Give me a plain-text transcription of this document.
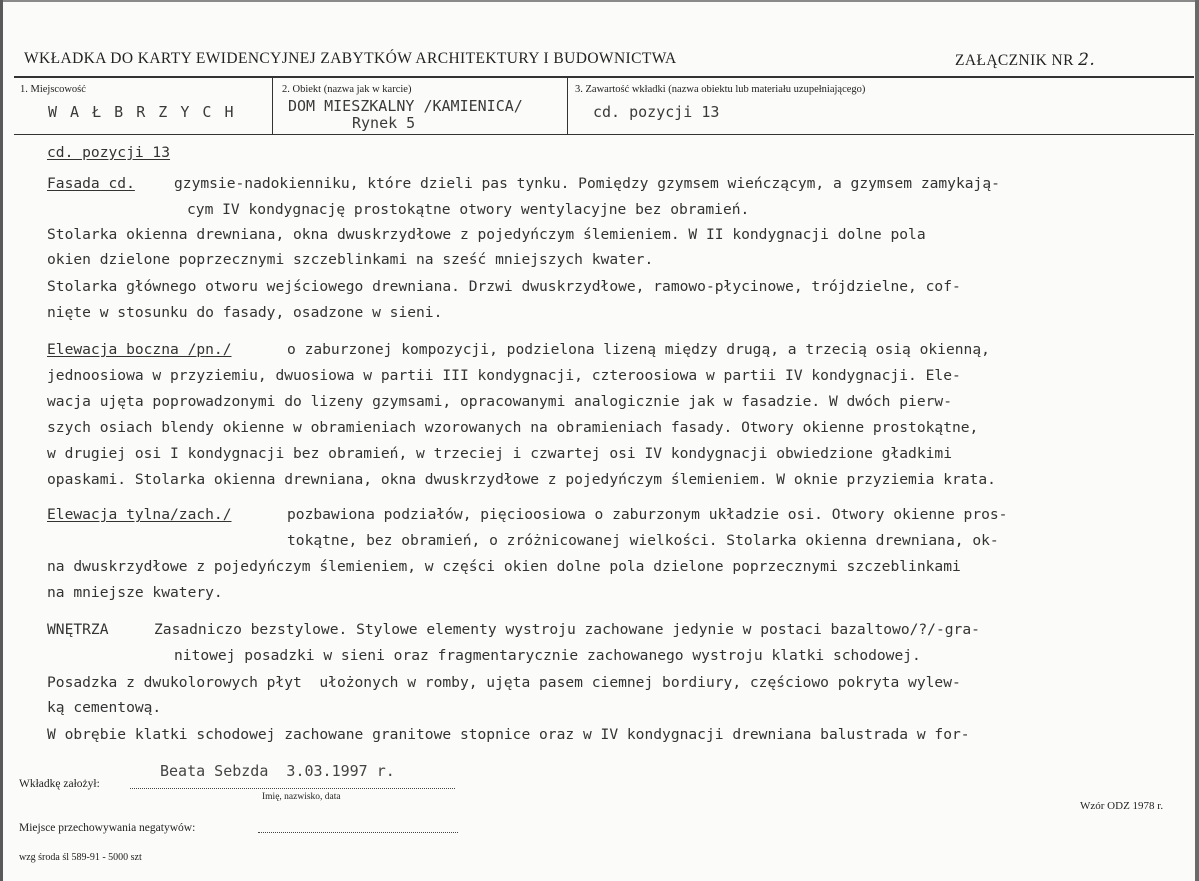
WKŁADKA DO KARTY EWIDENCYJNEJ ZABYTKÓW ARCHITEKTURY I BUDOWNICTWA	ZAŁĄCZNIK NR 2.
1. Miejscowość
W A Ł B R Z Y C H
2. Obiekt (nazwa jak w karcie)
DOM MIESZKALNY /KAMIENICA/
Rynek 5
3. Zawartość wkładki (nazwa obiektu lub materiału uzupełniającego)
cd. pozycji 13
cd. pozycji 13
Fasada cd.	gzymsie-nadokienniku, które dzieli pas tynku. Pomiędzy gzymsem wieńczącym, a gzymsem zamykają-
cym IV kondygnację prostokątne otwory wentylacyjne bez obramień.
Stolarka okienna drewniana, okna dwuskrzydłowe z pojedyńczym ślemieniem. W II kondygnacji dolne pola
okien dzielone poprzecznymi szczeblinkami na sześć mniejszych kwater.
Stolarka głównego otworu wejściowego drewniana. Drzwi dwuskrzydłowe, ramowo-płycinowe, trójdzielne, cof-
nięte w stosunku do fasady, osadzone w sieni.
Elewacja boczna /pn./	o zaburzonej kompozycji, podzielona lizeną między drugą, a trzecią osią okienną,
jednoosiowa w przyziemiu, dwuosiowa w partii III kondygnacji, czteroosiowa w partii IV kondygnacji. Ele-
wacja ujęta poprowadzonymi do lizeny gzymsami, opracowanymi analogicznie jak w fasadzie. W dwóch pierw-
szych osiach blendy okienne w obramieniach wzorowanych na obramieniach fasady. Otwory okienne prostokątne,
w drugiej osi I kondygnacji bez obramień, w trzeciej i czwartej osi IV kondygnacji obwiedzione gładkimi
opaskami. Stolarka okienna drewniana, okna dwuskrzydłowe z pojedyńczym ślemieniem. W oknie przyziemia krata.
Elewacja tylna/zach./	pozbawiona podziałów, pięcioosiowa o zaburzonym układzie osi. Otwory okienne pros-
tokątne, bez obramień, o zróżnicowanej wielkości. Stolarka okienna drewniana, ok-
na dwuskrzydłowe z pojedyńczym ślemieniem, w części okien dolne pola dzielone poprzecznymi szczeblinkami
na mniejsze kwatery.
WNĘTRZA	Zasadniczo bezstylowe. Stylowe elementy wystroju zachowane jedynie w postaci bazaltowo/?/-gra-
nitowej posadzki w sieni oraz fragmentarycznie zachowanego wystroju klatki schodowej.
Posadzka z dwukolorowych płyt  ułożonych w romby, ujęta pasem ciemnej bordiury, częściowo pokryta wylew-
ką cementową.
W obrębie klatki schodowej zachowane granitowe stopnice oraz w IV kondygnacji drewniana balustrada w for-
Wkładkę założył:
Beata Sebzda  3.03.1997 r.
Imię, nazwisko, data
Wzór ODZ 1978 r.
Miejsce przechowywania negatywów:
wzg środa śl 589-91 - 5000 szt
